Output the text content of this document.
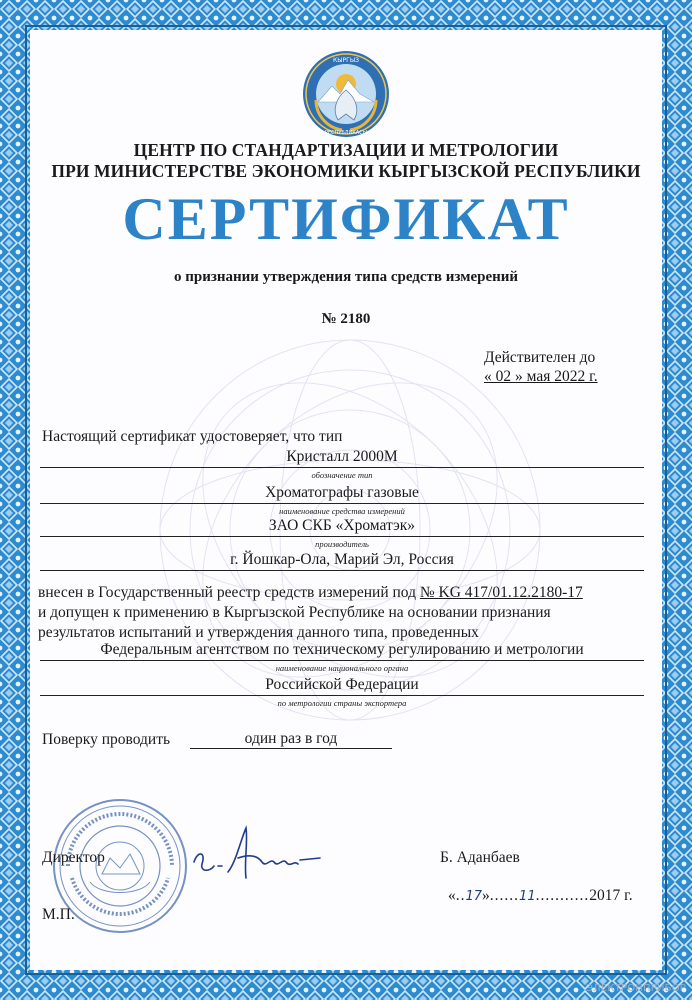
КЫРГЫЗ
РЕСПУБЛИКАСЫ

ЦЕНТР ПО СТАНДАРТИЗАЦИИ И МЕТРОЛОГИИ

ПРИ МИНИСТЕРСТВЕ ЭКОНОМИКИ КЫРГЫЗСКОЙ РЕСПУБЛИКИ

СЕРТИФИКАТ

о признании утверждения типа средств измерений

№ 2180

Действителен до

« 02 » мая 2022 г.

Настоящий сертификат удостоверяет, что тип

Кристалл 2000М
обозначение тип
Хроматографы газовые
наименование средства измерений
ЗАО СКБ «Хроматэк»
производитель
г. Йошкар-Ола, Марий Эл, Россия

внесен в Государственный реестр средств измерений под № KG 417/01.12.2180-17

и допущен к применению в Кыргызской Республике на основании признания

результатов испытаний и утверждения данного типа, проведенных

Федеральным агентством по техническому регулированию и метрологии
наименование национального органа
Российской Федерации
по метрологии страны экспортера

Поверку проводить	один раз в год

Директор	Б. Аданбаев

«..17»......11...........2017 г.

М.П.

ЭЛЕКТРОНПРИБОР
